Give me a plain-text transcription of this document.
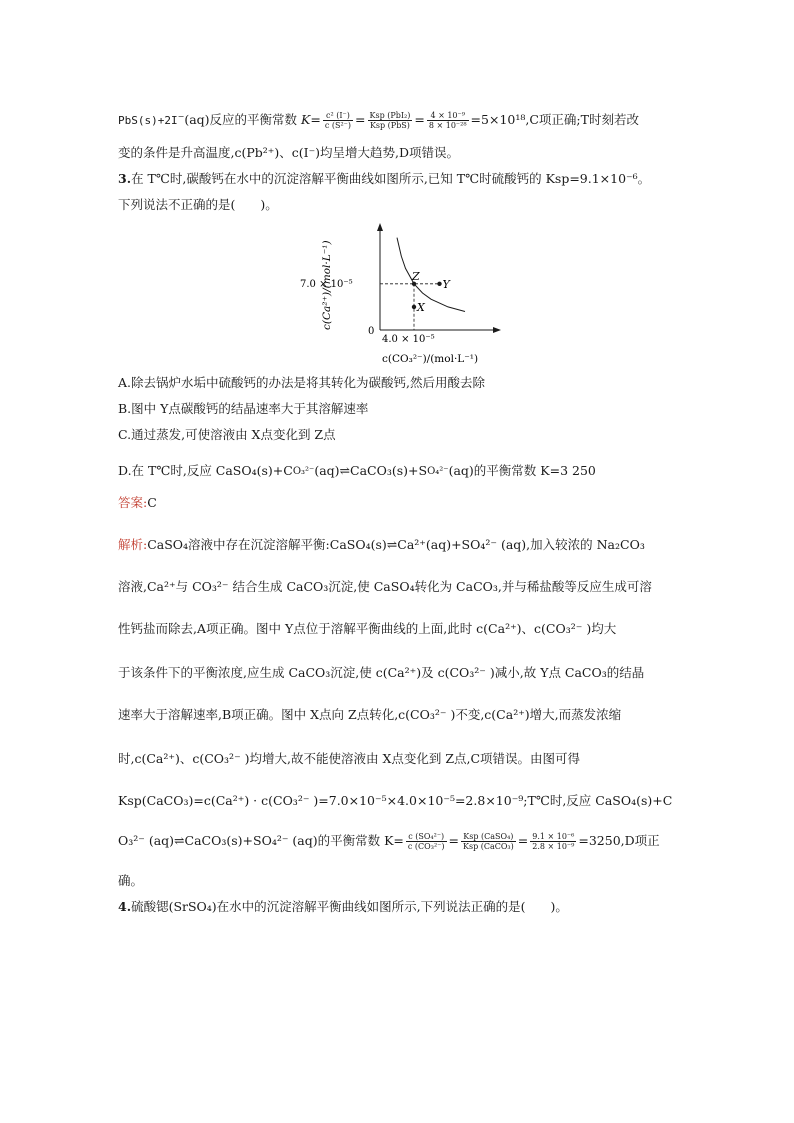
PbS(s)+2I−(aq)反应的平衡常数 $K= \frac{\text{c² (I⁻)}}{\text{c (S²⁻)}} = \frac{\text{Ksp (PbI₂)}}{\text{Ksp (PbS)}} = \frac{\text{4 × 10⁻⁹}}{\text{8 × 10⁻²⁸}} =5\times 10^{18},C$项正确;T时刻若改
变的条件是升高温度,c(Pb²⁺)、c(I⁻)均呈增大趋势,D项错误。
3.在 T℃时,碳酸钙在水中的沉淀溶解平衡曲线如图所示,已知 T℃时硫酸钙的 Ksp=9.1×10⁻⁶。
下列说法不正确的是(　　)。
Z
Y
X
7.0 × 10⁻⁵
4.0 × 10⁻⁵
0
c(Ca²⁺)/(mol·L⁻¹)
c(CO₃²⁻)/(mol·L⁻¹)
A.除去锅炉水垢中硫酸钙的办法是将其转化为碳酸钙,然后用酸去除
B.图中 Y点碳酸钙的结晶速率大于其溶解速率
C.通过蒸发,可使溶液由 X点变化到 Z点
D.在 T℃时,反应 CaSO₄(s)+CO₃²⁻(aq)⇌CaCO₃(s)+SO₄²⁻(aq)的平衡常数 K=3 250
答案:C
解析:CaSO₄溶液中存在沉淀溶解平衡:CaSO₄(s)⇌Ca²⁺(aq)+SO₄²⁻ (aq),加入较浓的 Na₂CO₃
溶液,Ca²⁺与 CO₃²⁻ 结合生成 CaCO₃沉淀,使 CaSO₄转化为 CaCO₃,并与稀盐酸等反应生成可溶
性钙盐而除去,A项正确。图中 Y点位于溶解平衡曲线的上面,此时 c(Ca²⁺)、c(CO₃²⁻ )均大
于该条件下的平衡浓度,应生成 CaCO₃沉淀,使 c(Ca²⁺)及 c(CO₃²⁻ )减小,故 Y点 CaCO₃的结晶
速率大于溶解速率,B项正确。图中 X点向 Z点转化,c(CO₃²⁻ )不变,c(Ca²⁺)增大,而蒸发浓缩
时,c(Ca²⁺)、c(CO₃²⁻ )均增大,故不能使溶液由 X点变化到 Z点,C项错误。由图可得
Ksp(CaCO₃)=c(Ca²⁺) · c(CO₃²⁻ )=7.0×10⁻⁵×4.0×10⁻⁵=2.8×10⁻⁹;T℃时,反应 CaSO₄(s)+C
O₃²⁻ (aq)⇌CaCO₃(s)+SO₄²⁻ (aq)的平衡常数 $K= \frac{\text{c (SO₄²⁻)}}{\text{c (CO₃²⁻)}} = \frac{\text{Ksp (CaSO₄)}}{\text{Ksp (CaCO₃)}} = \frac{\text{9.1 × 10⁻⁶}}{\text{2.8 × 10⁻⁹}} =3250,D$项正
确。
4.硫酸锶(SrSO₄)在水中的沉淀溶解平衡曲线如图所示,下列说法正确的是(　　)。
